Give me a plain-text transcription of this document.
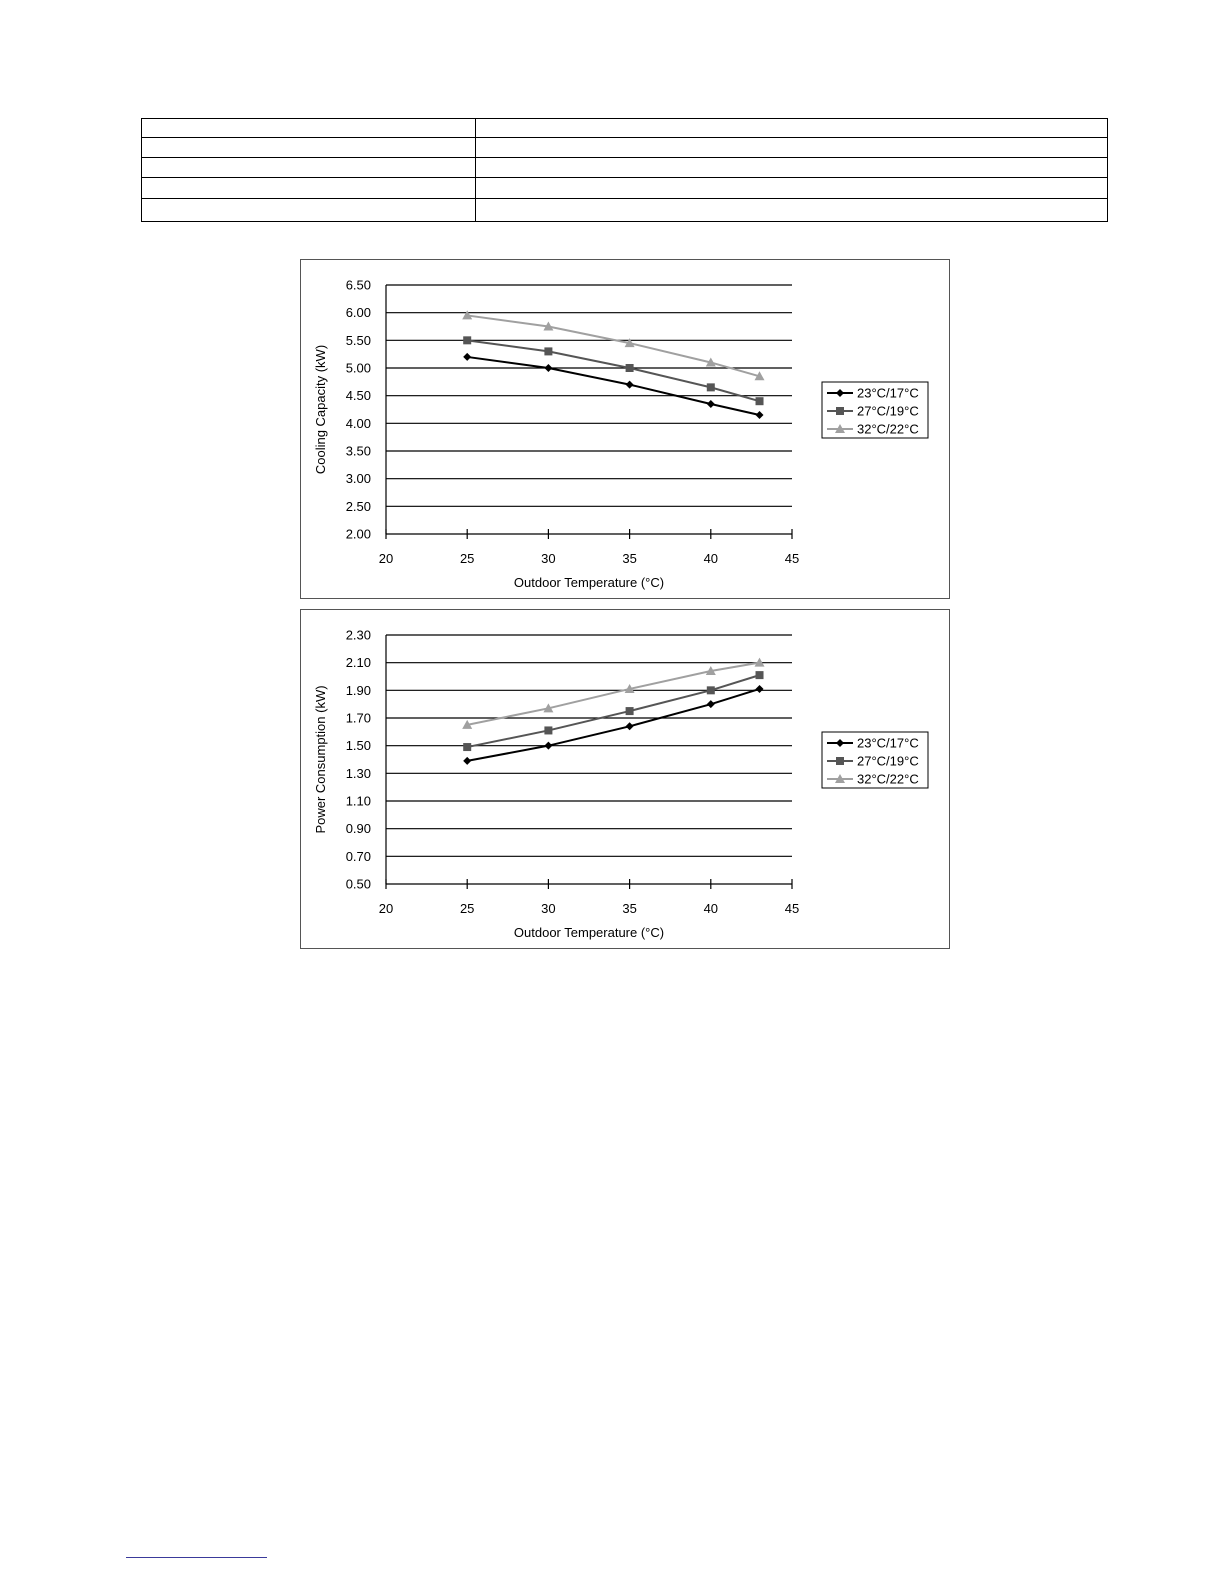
2.00
2.50
3.00
3.50
4.00
4.50
5.00
5.50
6.00
6.50
20	25	30	35	40	45
Outdoor Temperature (°C)
Cooling Capacity (kW)	23°C/17°C
27°C/19°C
32°C/22°C
0.50
0.70
0.90
1.10
1.30
1.50
1.70
1.90
2.10
2.30
20	25	30	35	40	45
Outdoor Temperature (°C)
Power Consumption (kW)	23°C/17°C
27°C/19°C
32°C/22°C
